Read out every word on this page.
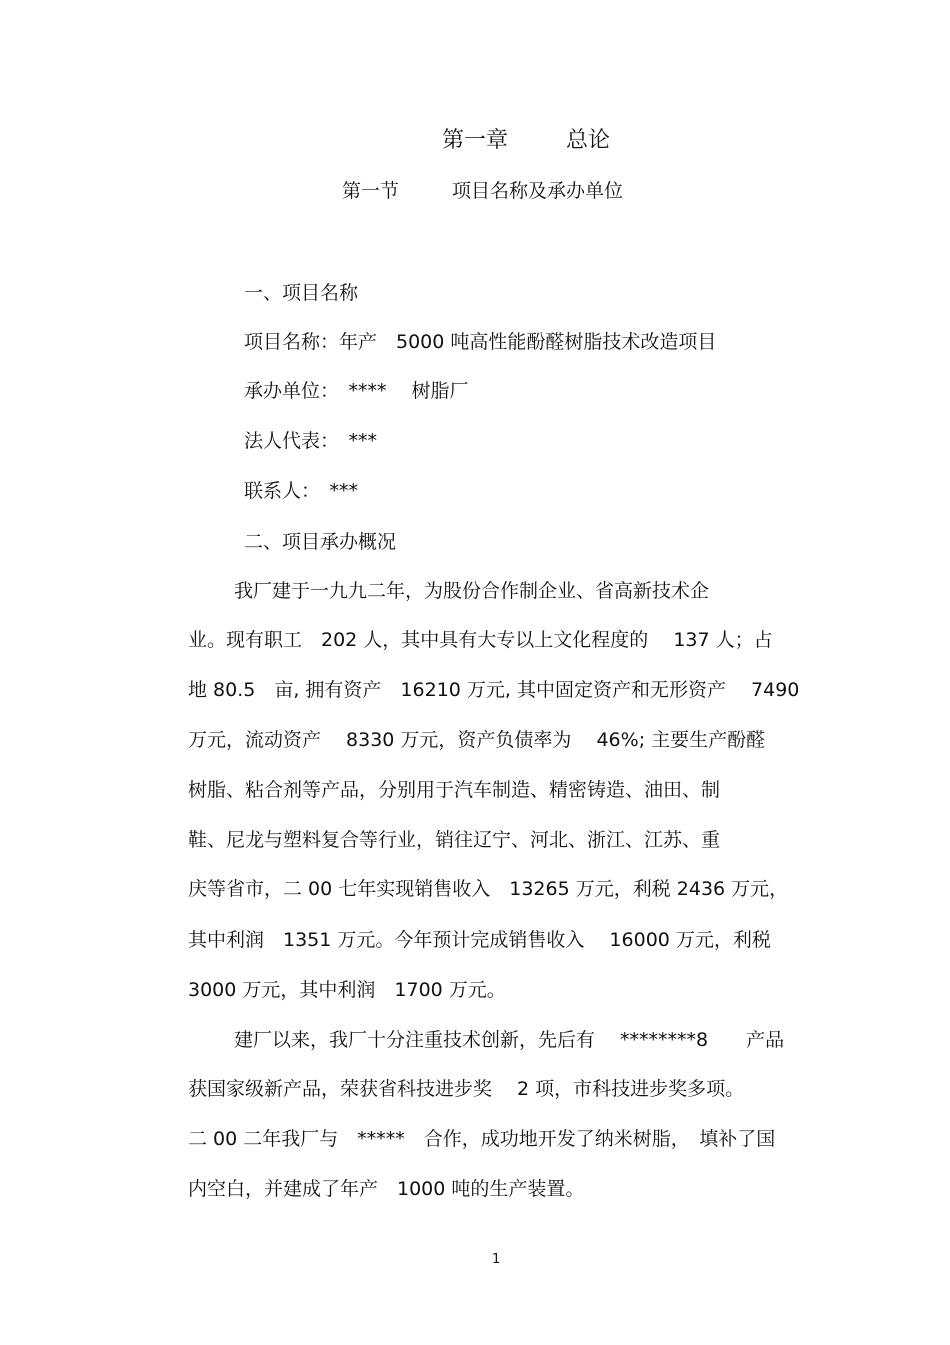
第一章	总论
第一节	项目名称及承办单位
一、项目名称
项目名称：年产　5000 吨高性能酚醛树脂技术改造项目
承办单位：　**** 　树脂厂
法人代表：　***
联系人：　***
二、项目承办概况
我厂建于一九九二年，为股份合作制企业、省高新技术企
业。现有职工　202 人，其中具有大专以上文化程度的　 137 人；占
地 80.5　亩, 拥有资产　16210 万元, 其中固定资产和无形资产　 7490
万元，流动资产　 8330 万元，资产负债率为　 46%; 主要生产酚醛
树脂、粘合剂等产品，分别用于汽车制造、精密铸造、油田、制
鞋、尼龙与塑料复合等行业，销往辽宁、河北、浙江、江苏、重
庆等省市，二 00 七年实现销售收入　13265 万元，利税 2436 万元，
其中利润　1351 万元。今年预计完成销售收入　 16000 万元，利税
3000 万元，其中利润　1700 万元。
建厂以来，我厂十分注重技术创新，先后有　 ********8　　产品
获国家级新产品，荣获省科技进步奖　 2 项，市科技进步奖多项。
二 00 二年我厂与　*****　合作，成功地开发了纳米树脂，　填补了国
内空白，并建成了年产　1000 吨的生产装置。
1
